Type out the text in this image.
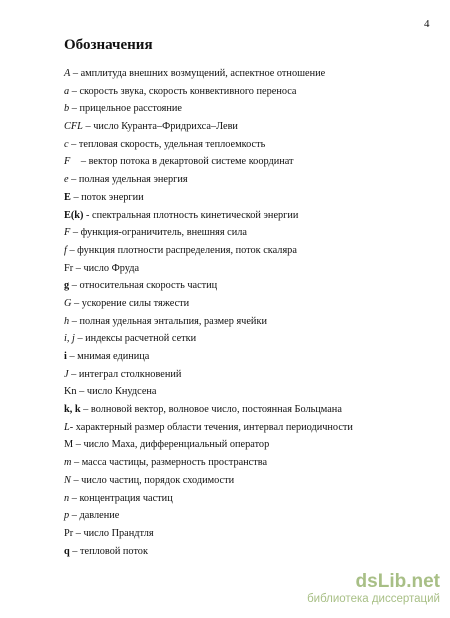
4
Обозначения
A – амплитуда внешних возмущений, аспектное отношение
a – скорость звука, скорость конвективного переноса
b – прицельное расстояние
CFL – число Куранта–Фридрихса–Леви
c – тепловая скорость, удельная теплоемкость
F⃗ – вектор потока в декартовой системе координат
e – полная удельная энергия
E – поток энергии
E(k) - спектральная плотность кинетической энергии
F – функция-ограничитель, внешняя сила
f – функция плотности распределения, поток скаляра
Fr – число Фруда
g – относительная скорость частиц
G – ускорение силы тяжести
h – полная удельная энтальпия, размер ячейки
i, j – индексы расчетной сетки
i – мнимая единица
J – интеграл столкновений
Kn – число Кнудсена
k, k – волновой вектор, волновое число, постоянная Больцмана
L- характерный размер области течения, интервал периодичности
M – число Маха, дифференциальный оператор
m – масса частицы, размерность пространства
N – число частиц, порядок сходимости
n – концентрация частиц
p – давление
Pr – число Прандтля
q – тепловой поток
dsLib.net
библиотека диссертаций
